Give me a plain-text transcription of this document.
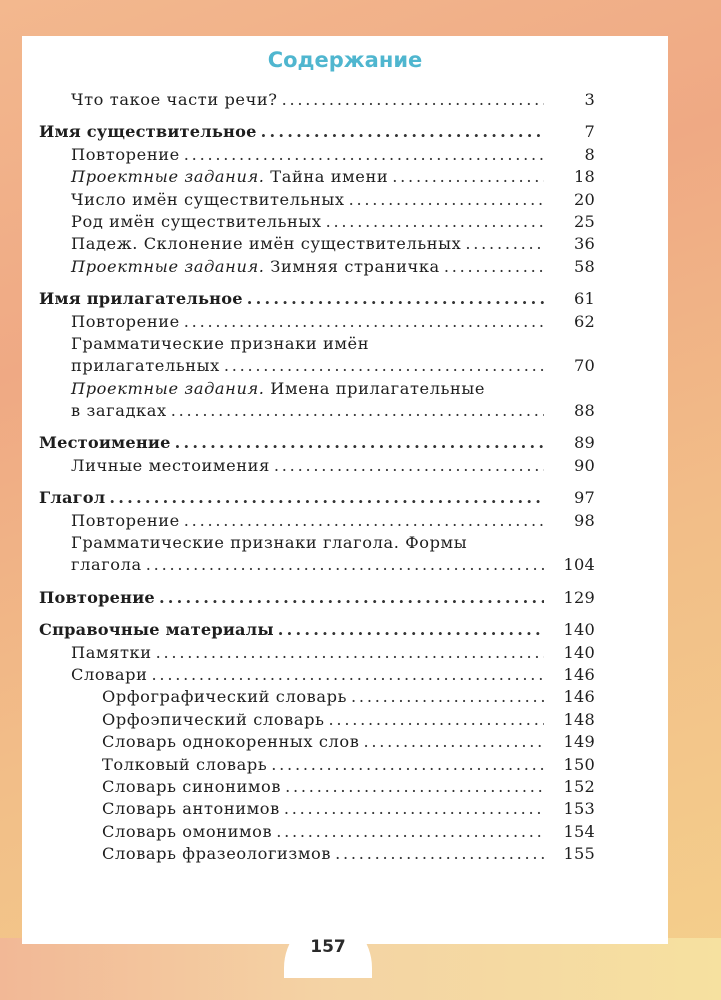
Содержание
Что такое части речи? . . .	3
Имя существительное . . .	7
Повторение . . .	8
Проектные задания. Тайна имени . . .	18
Число имён существительных . . .	20
Род имён существительных . . .	25
Падеж. Склонение имён существительных . . .	36
Проектные задания. Зимняя страничка . . .	58
Имя прилагательное . . .	61
Повторение . . .	62
Грамматические признаки имён
прилагательных . . .	70
Проектные задания. Имена прилагательные
в загадках . . .	88
Местоимение . . .	89
Личные местоимения . . .	90
Глагол . . .	97
Повторение . . .	98
Грамматические признаки глагола. Формы
глагола . . .	104
Повторение . . .	129
Справочные материалы . . .	140
Памятки . . .	140
Словари . . .	146
Орфографический словарь . . .	146
Орфоэпический словарь . . .	148
Словарь однокоренных слов . . .	149
Толковый словарь . . .	150
Словарь синонимов . . .	152
Словарь антонимов . . .	153
Словарь омонимов . . .	154
Словарь фразеологизмов . . .	155
157
